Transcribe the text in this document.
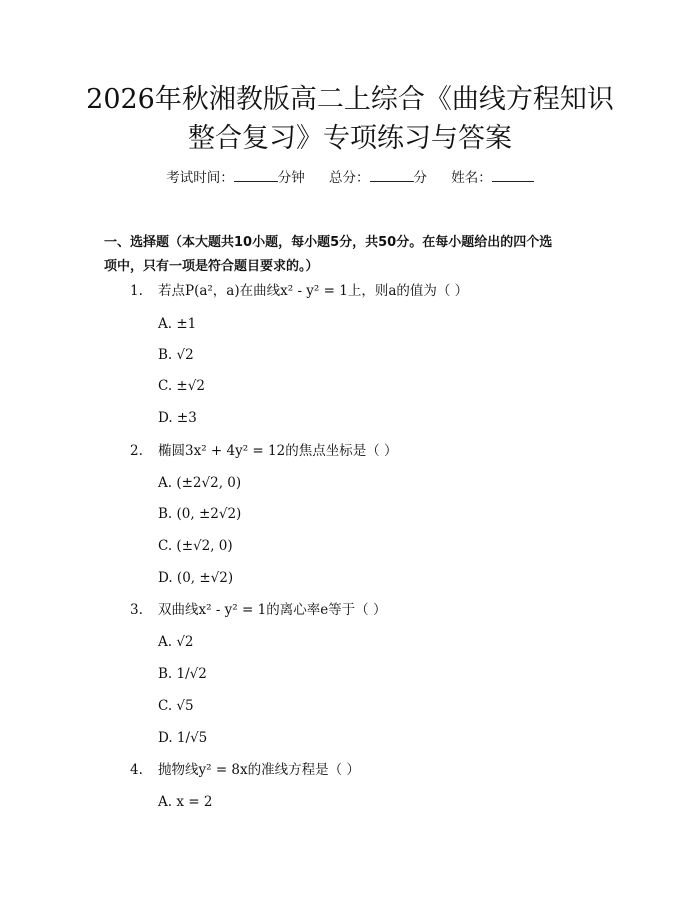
2026年秋湘教版高二上综合《曲线方程知识
整合复习》专项练习与答案
考试时间：	分钟 总分：	分 姓名：
一、选择题（本大题共10小题，每小题5分，共50分。在每小题给出的四个选
项中，只有一项是符合题目要求的。）
1. 若点P(a²，a)在曲线x² - y² = 1上，则a的值为（ ）
A. ±1
B. √2
C. ±√2
D. ±3
2. 椭圆3x² + 4y² = 12的焦点坐标是（ ）
A. (±2√2, 0)
B. (0, ±2√2)
C. (±√2, 0)
D. (0, ±√2)
3. 双曲线x² - y² = 1的离心率e等于（ ）
A. √2
B. 1/√2
C. √5
D. 1/√5
4. 抛物线y² = 8x的准线方程是（ ）
A. x = 2
